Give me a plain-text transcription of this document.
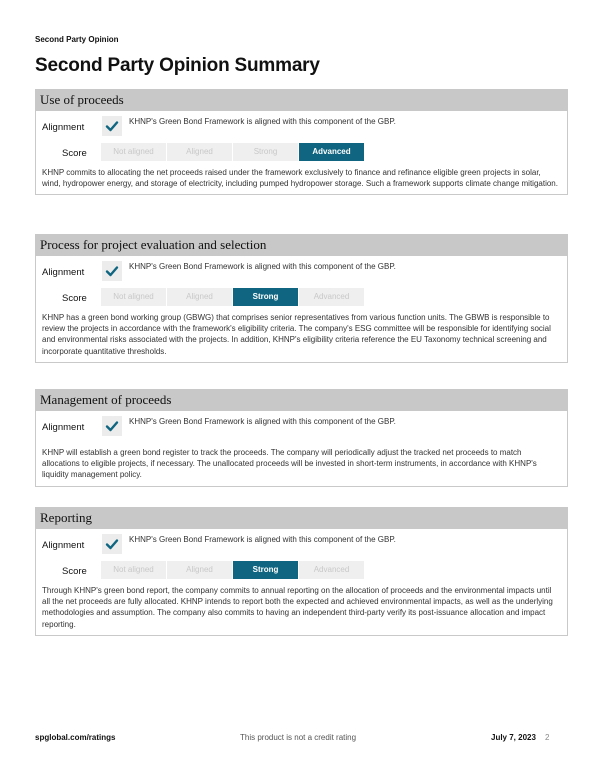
Second Party Opinion
Second Party Opinion Summary
Use of proceeds
Alignment
KHNP's Green Bond Framework is aligned with this component of the GBP.
Score	Not aligned	Aligned	Strong	Advanced
KHNP commits to allocating the net proceeds raised under the framework exclusively to finance and refinance eligible green projects in solar, wind, hydropower energy, and storage of electricity, including pumped hydropower storage. Such a framework supports climate change mitigation.
Process for project evaluation and selection
Alignment
KHNP's Green Bond Framework is aligned with this component of the GBP.
Score	Not aligned	Aligned	Strong	Advanced
KHNP has a green bond working group (GBWG) that comprises senior representatives from various function units. The GBWB is responsible to review the projects in accordance with the framework's eligibility criteria. The company's ESG committee will be responsible for identifying social and environmental risks associated with the projects. In addition, KHNP's eligibility criteria reference the EU Taxonomy technical screening and incorporate quantitative thresholds.
Management of proceeds
Alignment
KHNP's Green Bond Framework is aligned with this component of the GBP.
KHNP will establish a green bond register to track the proceeds. The company will periodically adjust the tracked net proceeds to match allocations to eligible projects, if necessary. The unallocated proceeds will be invested in short-term instruments, in accordance with KHNP's liquidity management policy.
Reporting
Alignment
KHNP's Green Bond Framework is aligned with this component of the GBP.
Score	Not aligned	Aligned	Strong	Advanced
Through KHNP's green bond report, the company commits to annual reporting on the allocation of proceeds and the environmental impacts until all the net proceeds are fully allocated. KHNP intends to report both the expected and achieved environmental impacts, as well as the underlying methodologies and assumption. The company also commits to having an independent third-party verify its post-issuance allocation and impact reporting.
spglobal.com/ratings	This product is not a credit rating	July 7, 2023 2
